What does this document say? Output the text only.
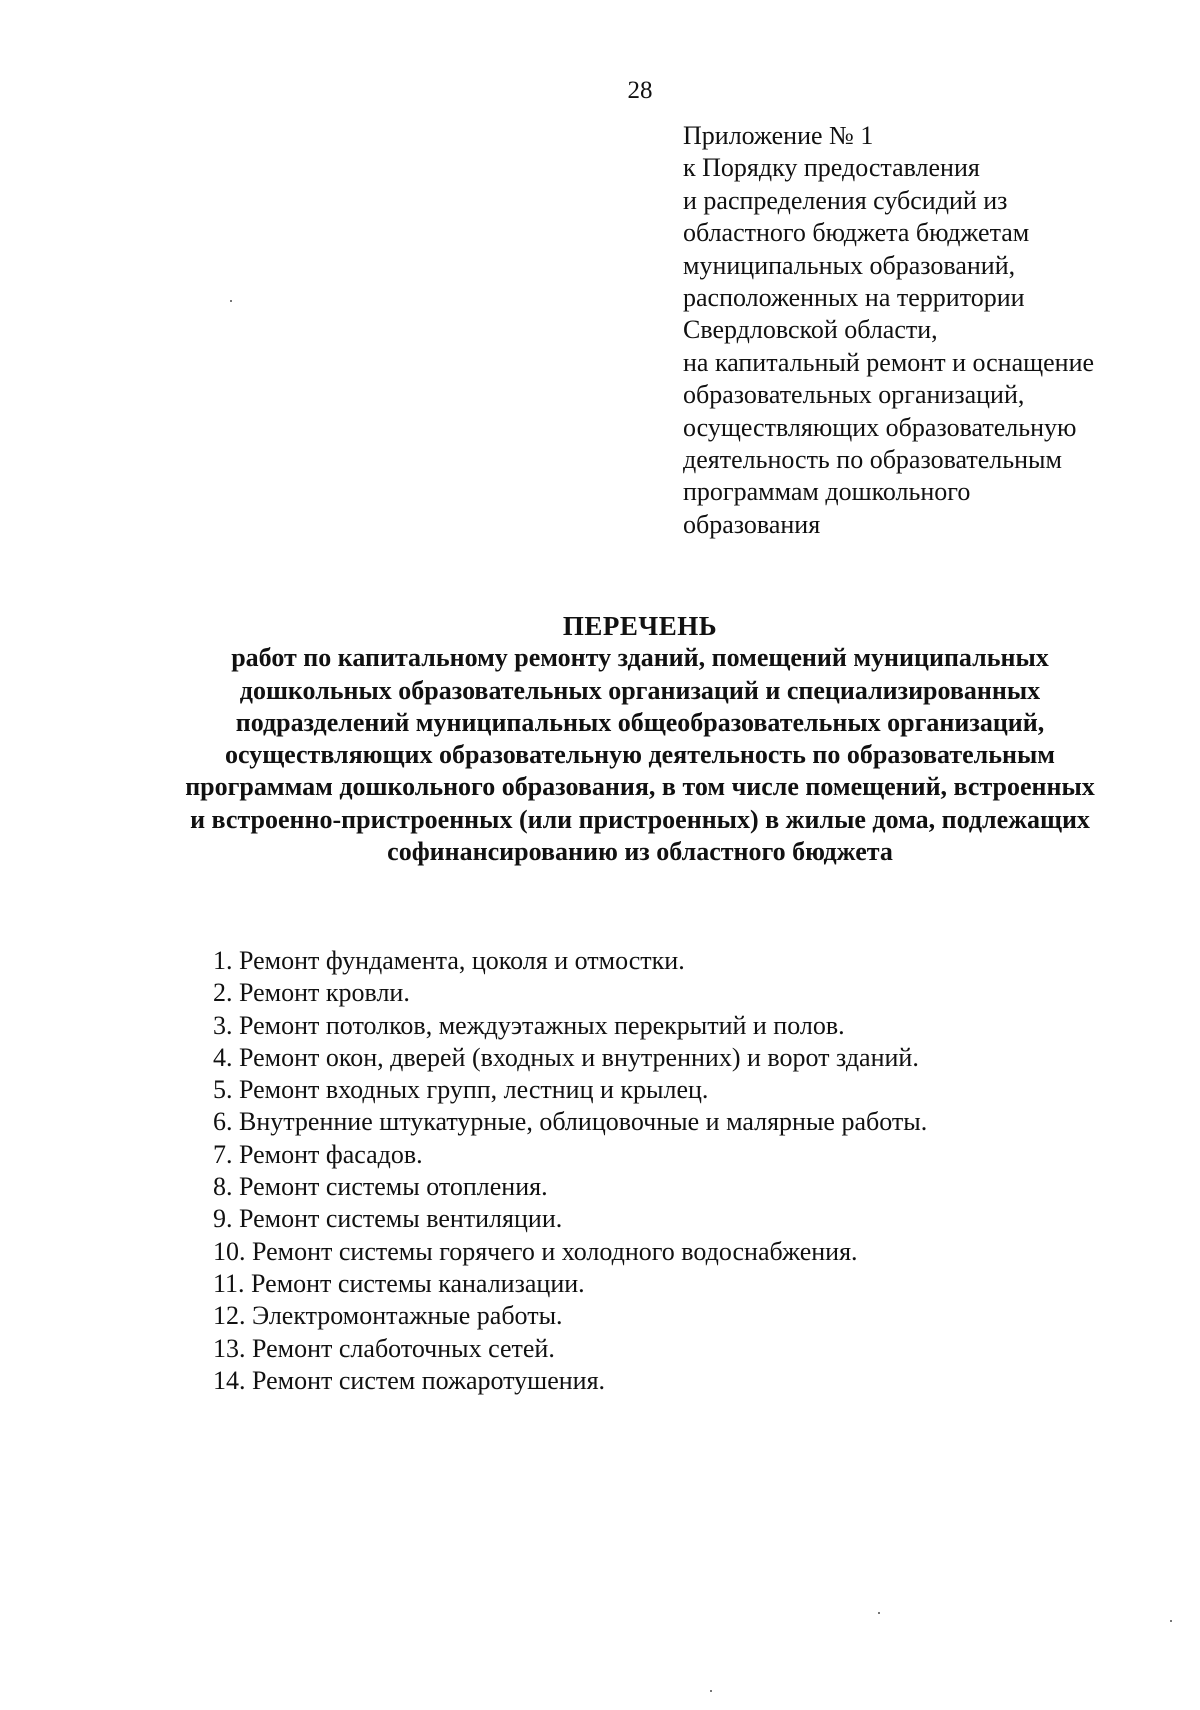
28
Приложение № 1
к Порядку предоставления
и распределения субсидий из
областного бюджета бюджетам
муниципальных образований,
расположенных на территории
Свердловской области,
на капитальный ремонт и оснащение
образовательных организаций,
осуществляющих образовательную
деятельность по образовательным
программам дошкольного
образования
ПЕРЕЧЕНЬ
работ по капитальному ремонту зданий, помещений муниципальных
дошкольных образовательных организаций и специализированных
подразделений муниципальных общеобразовательных организаций,
осуществляющих образовательную деятельность по образовательным
программам дошкольного образования, в том числе помещений, встроенных
и встроенно-пристроенных (или пристроенных) в жилые дома, подлежащих
софинансированию из областного бюджета
1. Ремонт фундамента, цоколя и отмостки.
2. Ремонт кровли.
3. Ремонт потолков, междуэтажных перекрытий и полов.
4. Ремонт окон, дверей (входных и внутренних) и ворот зданий.
5. Ремонт входных групп, лестниц и крылец.
6. Внутренние штукатурные, облицовочные и малярные работы.
7. Ремонт фасадов.
8. Ремонт системы отопления.
9. Ремонт системы вентиляции.
10. Ремонт системы горячего и холодного водоснабжения.
11. Ремонт системы канализации.
12. Электромонтажные работы.
13. Ремонт слаботочных сетей.
14. Ремонт систем пожаротушения.
